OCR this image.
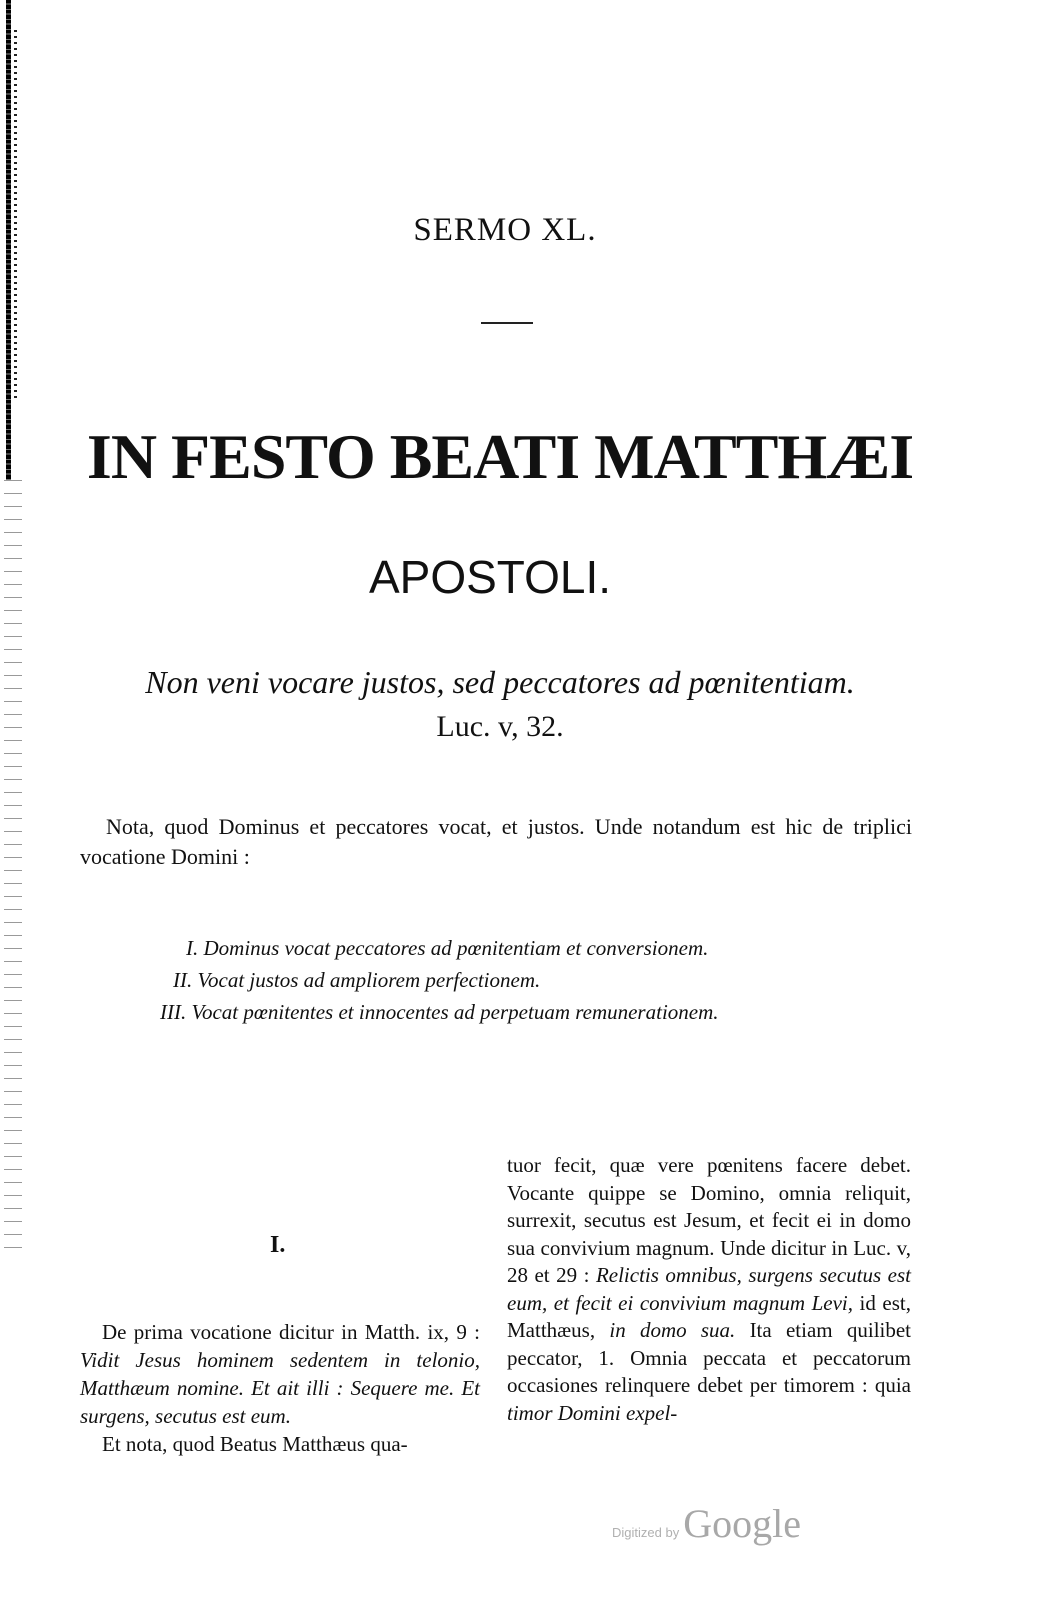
SERMO XL.
IN FESTO BEATI MATTHÆI
APOSTOLI.
Non veni vocare justos, sed peccatores ad pœnitentiam.
Luc. v, 32.

Nota, quod Dominus et peccatores vocat, et justos. Unde notandum est hic de triplici vocatione Domini :

I. Dominus vocat peccatores ad pœnitentiam et conversionem.
II. Vocat justos ad ampliorem perfectionem.
III. Vocat pœnitentes et innocentes ad perpetuam remunerationem.
I.

De prima vocatione dicitur in Matth. ix, 9 : Vidit Jesus hominem sedentem in telonio, Matthæum nomine. Et ait illi : Sequere me. Et surgens, secutus est eum.

Et nota, quod Beatus Matthæus qua-

tuor fecit, quæ vere pœnitens facere debet. Vocante quippe se Domino, omnia reliquit, surrexit, secutus est Jesum, et fecit ei in domo sua convivium magnum. Unde dicitur in Luc. v, 28 et 29 : Relictis omnibus, surgens secutus est eum, et fecit ei convivium magnum Levi, id est, Matthæus, in domo sua. Ita etiam quilibet peccator, 1. Omnia peccata et peccatorum occasiones relinquere debet per timorem : quia timor Domini expel-

Digitized by Google
